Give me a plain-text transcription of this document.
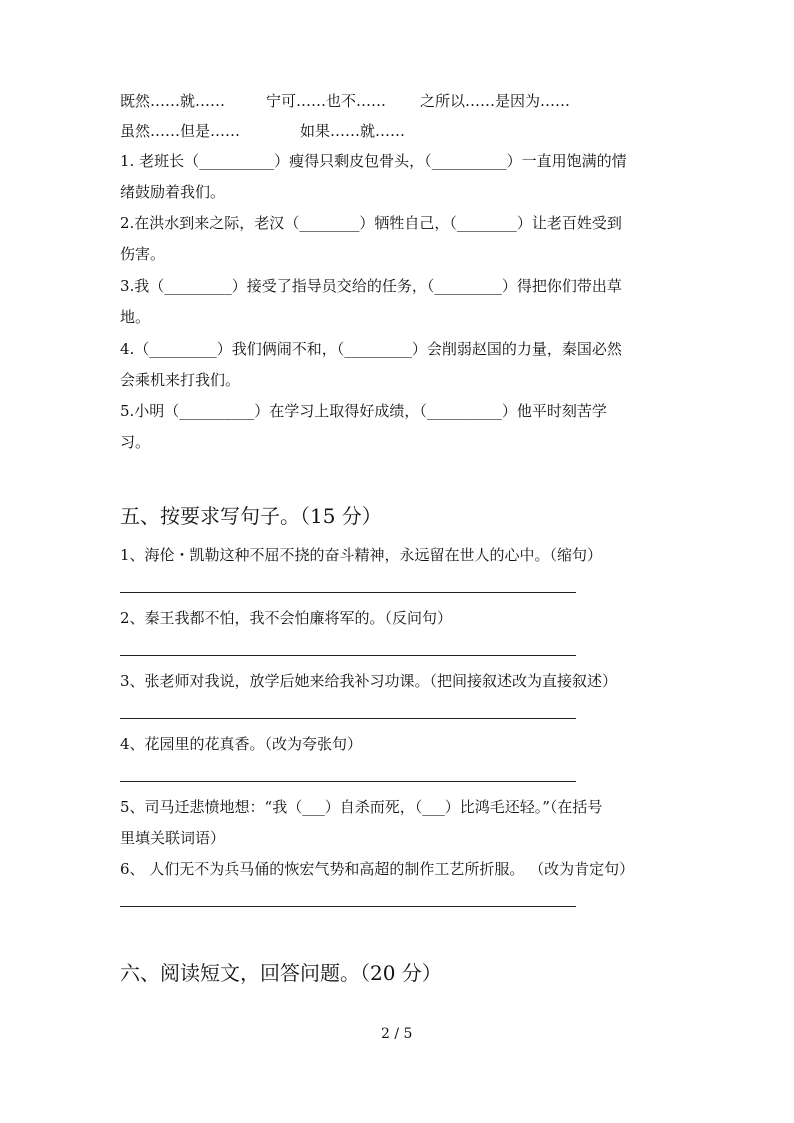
既然……就……	宁可……也不…… 之所以……是因为……
虽然……但是……	如果……就……
1. 老班长（__________）瘦得只剩皮包骨头，（__________）一直用饱满的情
绪鼓励着我们。
2.在洪水到来之际，老汉（________）牺牲自己，（________）让老百姓受到
伤害。
3.我（_________）接受了指导员交给的任务，（_________）得把你们带出草
地。
4.（_________）我们俩闹不和，（_________）会削弱赵国的力量，秦国必然
会乘机来打我们。
5.小明（__________）在学习上取得好成绩，（__________）他平时刻苦学
习。
五、按要求写句子。（15 分）
1、海伦・凯勒这种不屈不挠的奋斗精神，永远留在世人的心中。（缩句）
2、秦王我都不怕，我不会怕廉将军的。（反问句）
3、张老师对我说，放学后她来给我补习功课。（把间接叙述改为直接叙述）
4、花园里的花真香。（改为夸张句）
5、司马迁悲愤地想：“我（___）自杀而死，（___）比鸿毛还轻。”（在括号
里填关联词语）
6、 人们无不为兵马俑的恢宏气势和高超的制作工艺所折服。 （改为肯定句）
六、阅读短文，回答问题。（20 分）
2 / 5
